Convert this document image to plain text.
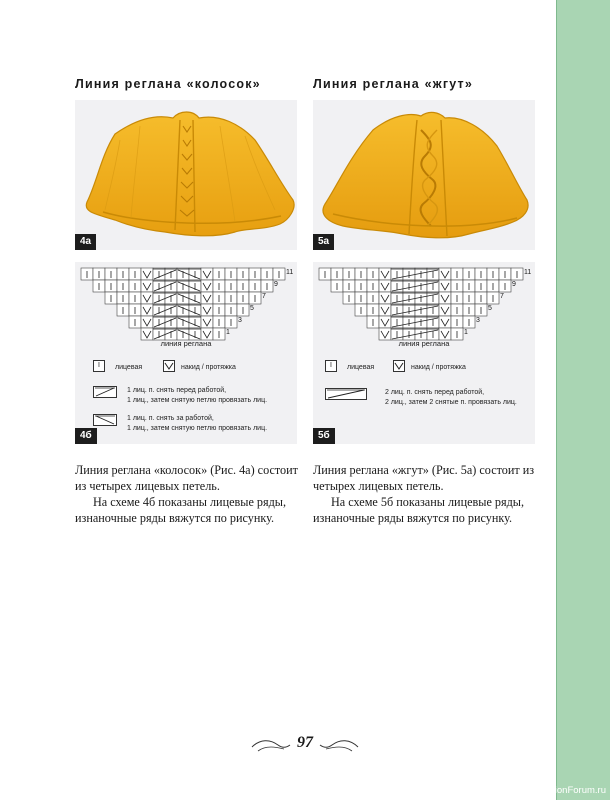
Линия реглана «колосок»
4а
11
9
7
5
3
1
линия реглана
I	лицевая	накид / протяжка
1 лиц. п. снять перед работой,
1 лиц., затем снятую петлю провязать лиц.
1 лиц. п. снять за работой,
1 лиц., затем снятую петлю провязать лиц.
4б
Линия реглана «жгут»
5а
11
9
7
5
3
1
линия реглана
I	лицевая	накид / протяжка
2 лиц. п. снять перед работой,
2 лиц., затем 2 снятые п. провязать лиц.
5б

Линия реглана «колосок» (Рис. 4а) состоит из четырех лицевых петель.

На схеме 4б показаны лицевые ряды, изнаночные ряды вяжутся по рисунку.

Линия реглана «жгут» (Рис. 5а) состоит из четырех лицевых петель.

На схеме 5б показаны лицевые ряды, изнаночные ряды вяжутся по рисунку.

97
PassionForum.ru
